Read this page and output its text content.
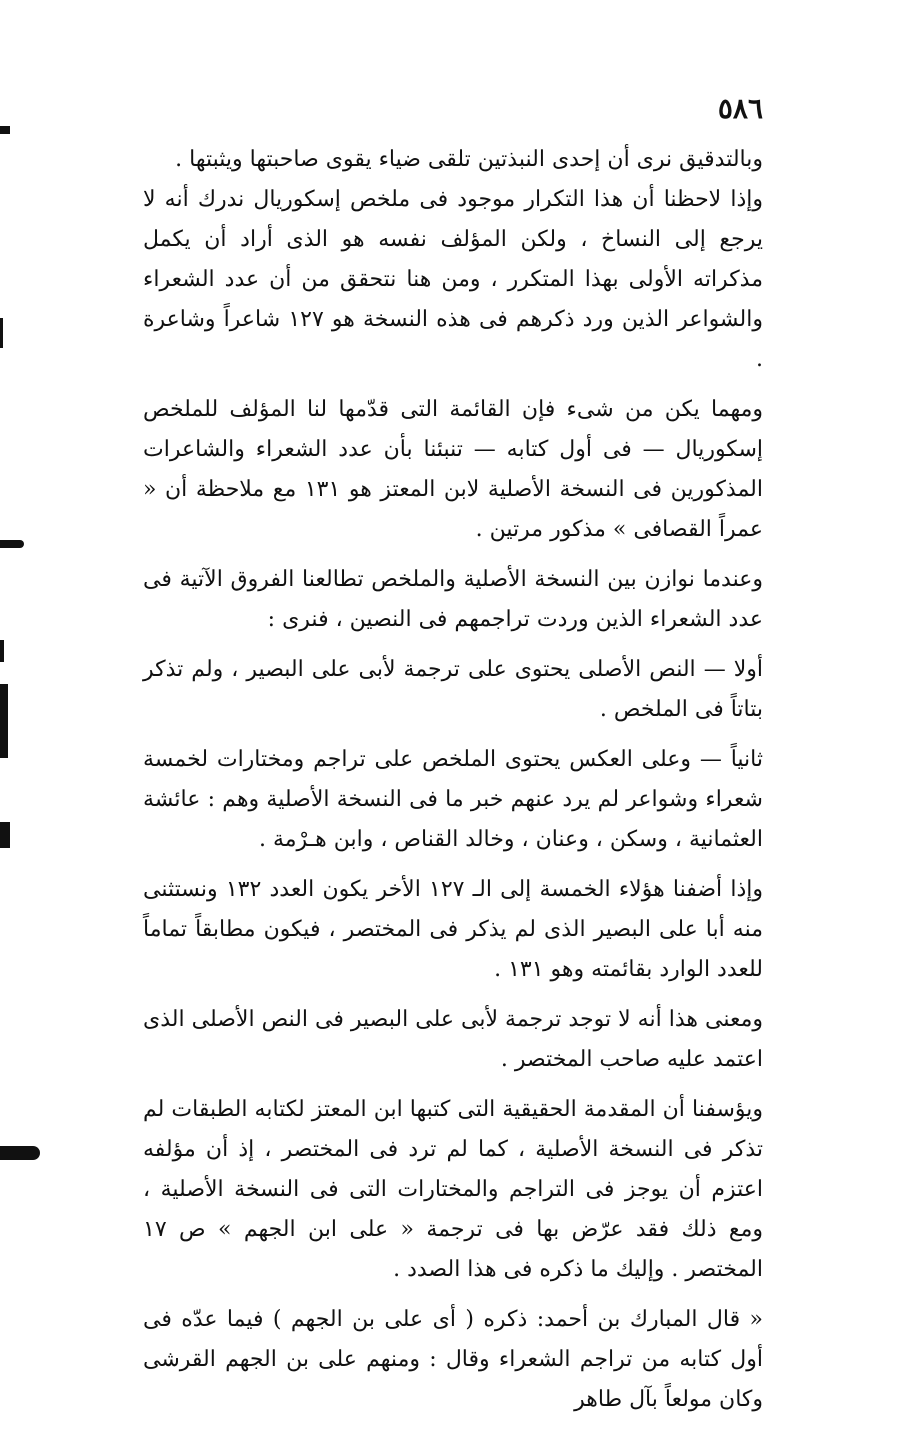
٥٨٦

وبالتدقيق نرى أن إحدى النبذتين تلقى ضياء يقوى صاحبتها ويثبتها .

وإذا لاحظنا أن هذا التكرار موجود فى ملخص إسكوريال ندرك أنه لا يرجع إلى النساخ ، ولكن المؤلف نفسه هو الذى أراد أن يكمل مذكراته الأولى بهذا المتكرر ، ومن هنا نتحقق من أن عدد الشعراء والشواعر الذين ورد ذكرهم فى هذه النسخة هو ١٢٧ شاعراً وشاعرة .

ومهما يكن من شىء فإن القائمة التى قدّمها لنا المؤلف للملخص إسكوريال — فى أول كتابه — تنبئنا بأن عدد الشعراء والشاعرات المذكورين فى النسخة الأصلية لابن المعتز هو ١٣١ مع ملاحظة أن « عمراً القصافى » مذكور مرتين .

وعندما نوازن بين النسخة الأصلية والملخص تطالعنا الفروق الآتية فى عدد الشعراء الذين وردت تراجمهم فى النصين ، فنرى :

أولا — النص الأصلى يحتوى على ترجمة لأبى على البصير ، ولم تذكر بتاتاً فى الملخص .

ثانياً — وعلى العكس يحتوى الملخص على تراجم ومختارات لخمسة شعراء وشواعر لم يرد عنهم خبر ما فى النسخة الأصلية وهم : عائشة العثمانية ، وسكن ، وعنان ، وخالد القناص ، وابن هـرْمة .

وإذا أضفنا هؤلاء الخمسة إلى الـ ١٢٧ الأخر يكون العدد ١٣٢ ونستثنى منه أبا على البصير الذى لم يذكر فى المختصر ، فيكون مطابقاً تماماً للعدد الوارد بقائمته وهو ١٣١ .

ومعنى هذا أنه لا توجد ترجمة لأبى على البصير فى النص الأصلى الذى اعتمد عليه صاحب المختصر .

ويؤسفنا أن المقدمة الحقيقية التى كتبها ابن المعتز لكتابه الطبقات لم تذكر فى النسخة الأصلية ، كما لم ترد فى المختصر ، إذ أن مؤلفه اعتزم أن يوجز فى التراجم والمختارات التى فى النسخة الأصلية ، ومع ذلك فقد عرّض بها فى ترجمة « على ابن الجهم » ص ١٧ المختصر . وإليك ما ذكره فى هذا الصدد .

« قال المبارك بن أحمد: ذكره ( أى على بن الجهم ) فيما عدّه فى أول كتابه من تراجم الشعراء وقال : ومنهم على بن الجهم القرشى وكان مولعاً بآل طاهر
